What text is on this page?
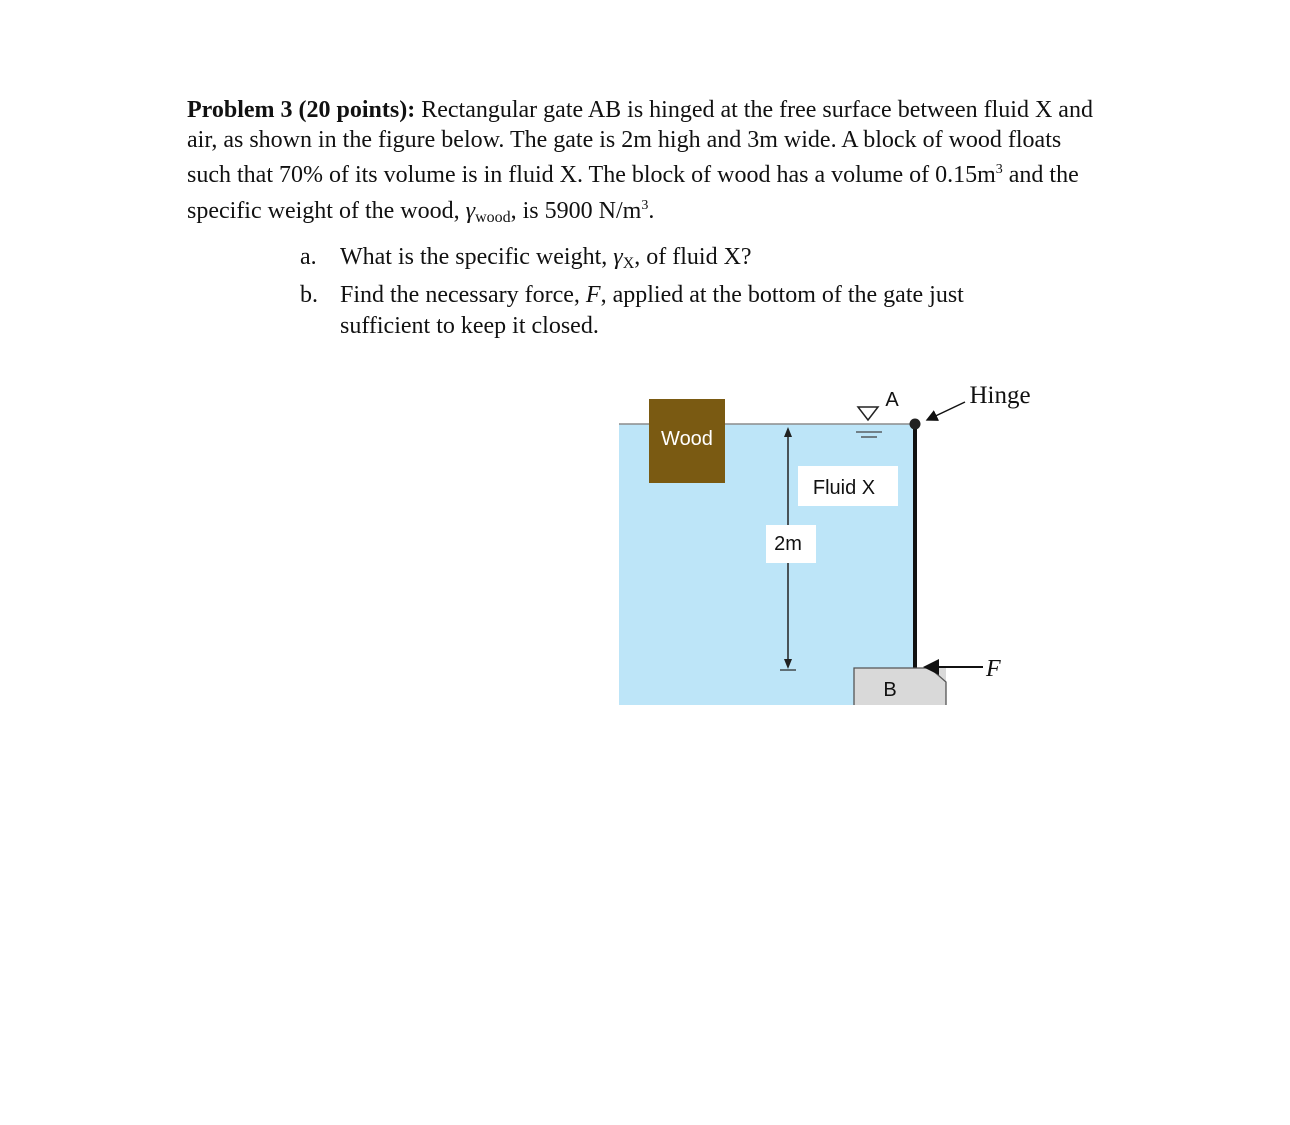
Problem 3 (20 points): Rectangular gate AB is hinged at the free surface between fluid X and air, as shown in the figure below. The gate is 2m high and 3m wide. A block of wood floats such that 70% of its volume is in fluid X. The block of wood has a volume of $0.15m^3$ and the specific weight of the wood, $\gamma_{wood}$, is 5900 $N/m^3$.

a. What is the specific weight, $\gamma_X$, of fluid X?
b. Find the necessary force, F, applied at the bottom of the gate just sufficient to keep it closed.
Wood
2m
Fluid X
A	Hinge
B
F
